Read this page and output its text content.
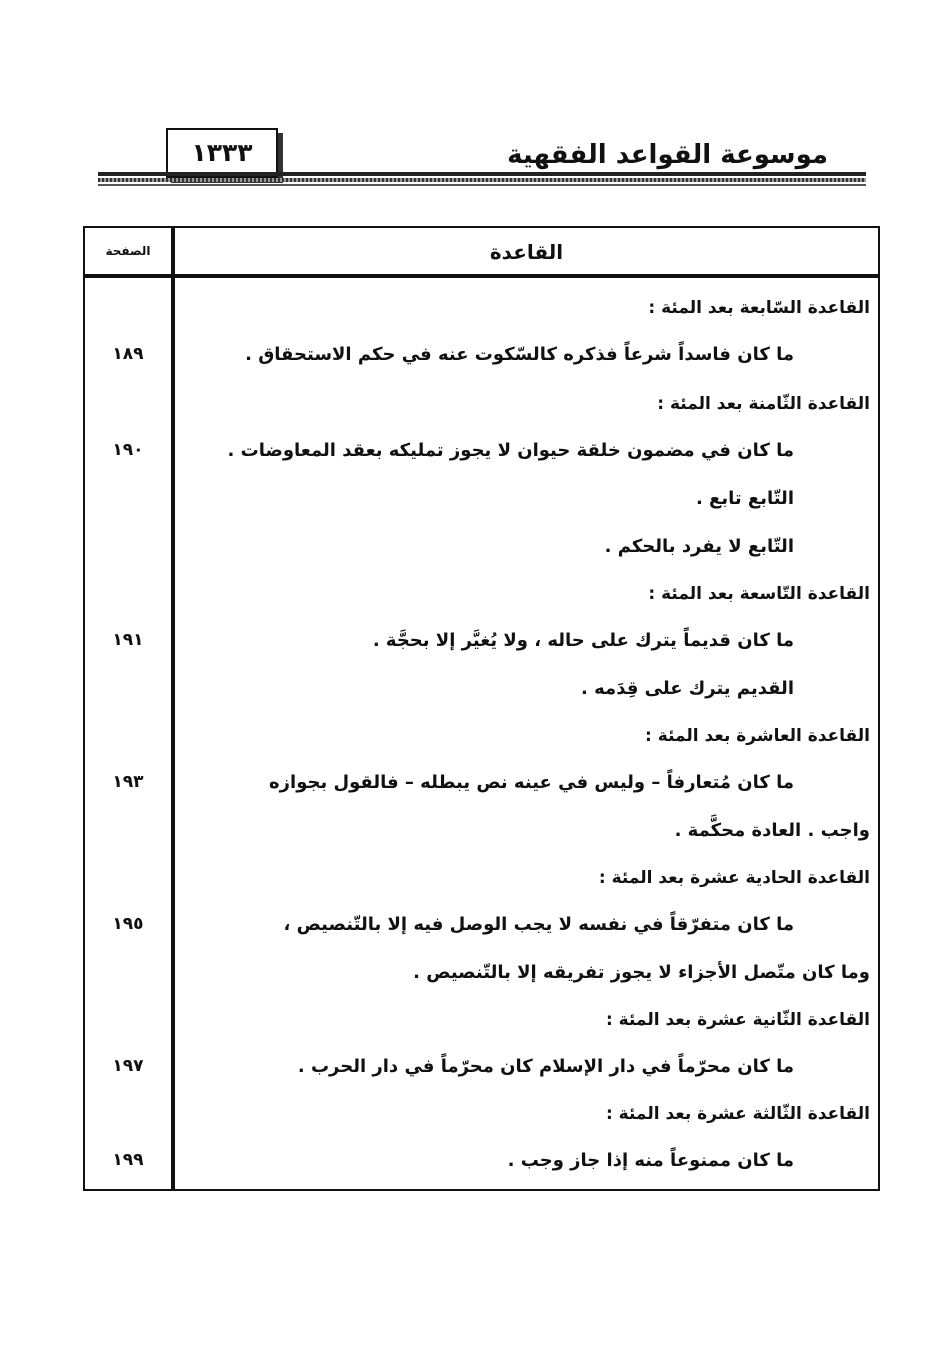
موسوعة القواعد الفقهية
١٣٣٣
الصفحة	القاعدة
القاعدة السّابعة بعد المئة :
ما كان فاسداً شرعاً فذكره كالسّكوت عنه في حكم الاستحقاق .
١٨٩
القاعدة الثّامنة بعد المئة :
ما كان في مضمون خلقة حيوان لا يجوز تمليكه بعقد المعاوضات .
١٩٠
التّابع تابع .
التّابع لا يفرد بالحكم .
القاعدة التّاسعة بعد المئة :
ما كان قديماً يترك على حاله ، ولا يُغيَّر إلا بحجَّة .
١٩١
القديم يترك على قِدَمه .
القاعدة العاشرة بعد المئة :
ما كان مُتعارفاً – وليس في عينه نص يبطله – فالقول بجوازه
١٩٣
واجب . العادة محكَّمة .
القاعدة الحادية عشرة بعد المئة :
ما كان متفرّقاً في نفسه لا يجب الوصل فيه إلا بالتّنصيص ،
١٩٥
وما كان متّصل الأجزاء لا يجوز تفريقه إلا بالتّنصيص .
القاعدة الثّانية عشرة بعد المئة :
ما كان محرّماً في دار الإسلام كان محرّماً في دار الحرب .
١٩٧
القاعدة الثّالثة عشرة بعد المئة :
ما كان ممنوعاً منه إذا جاز وجب .
١٩٩
